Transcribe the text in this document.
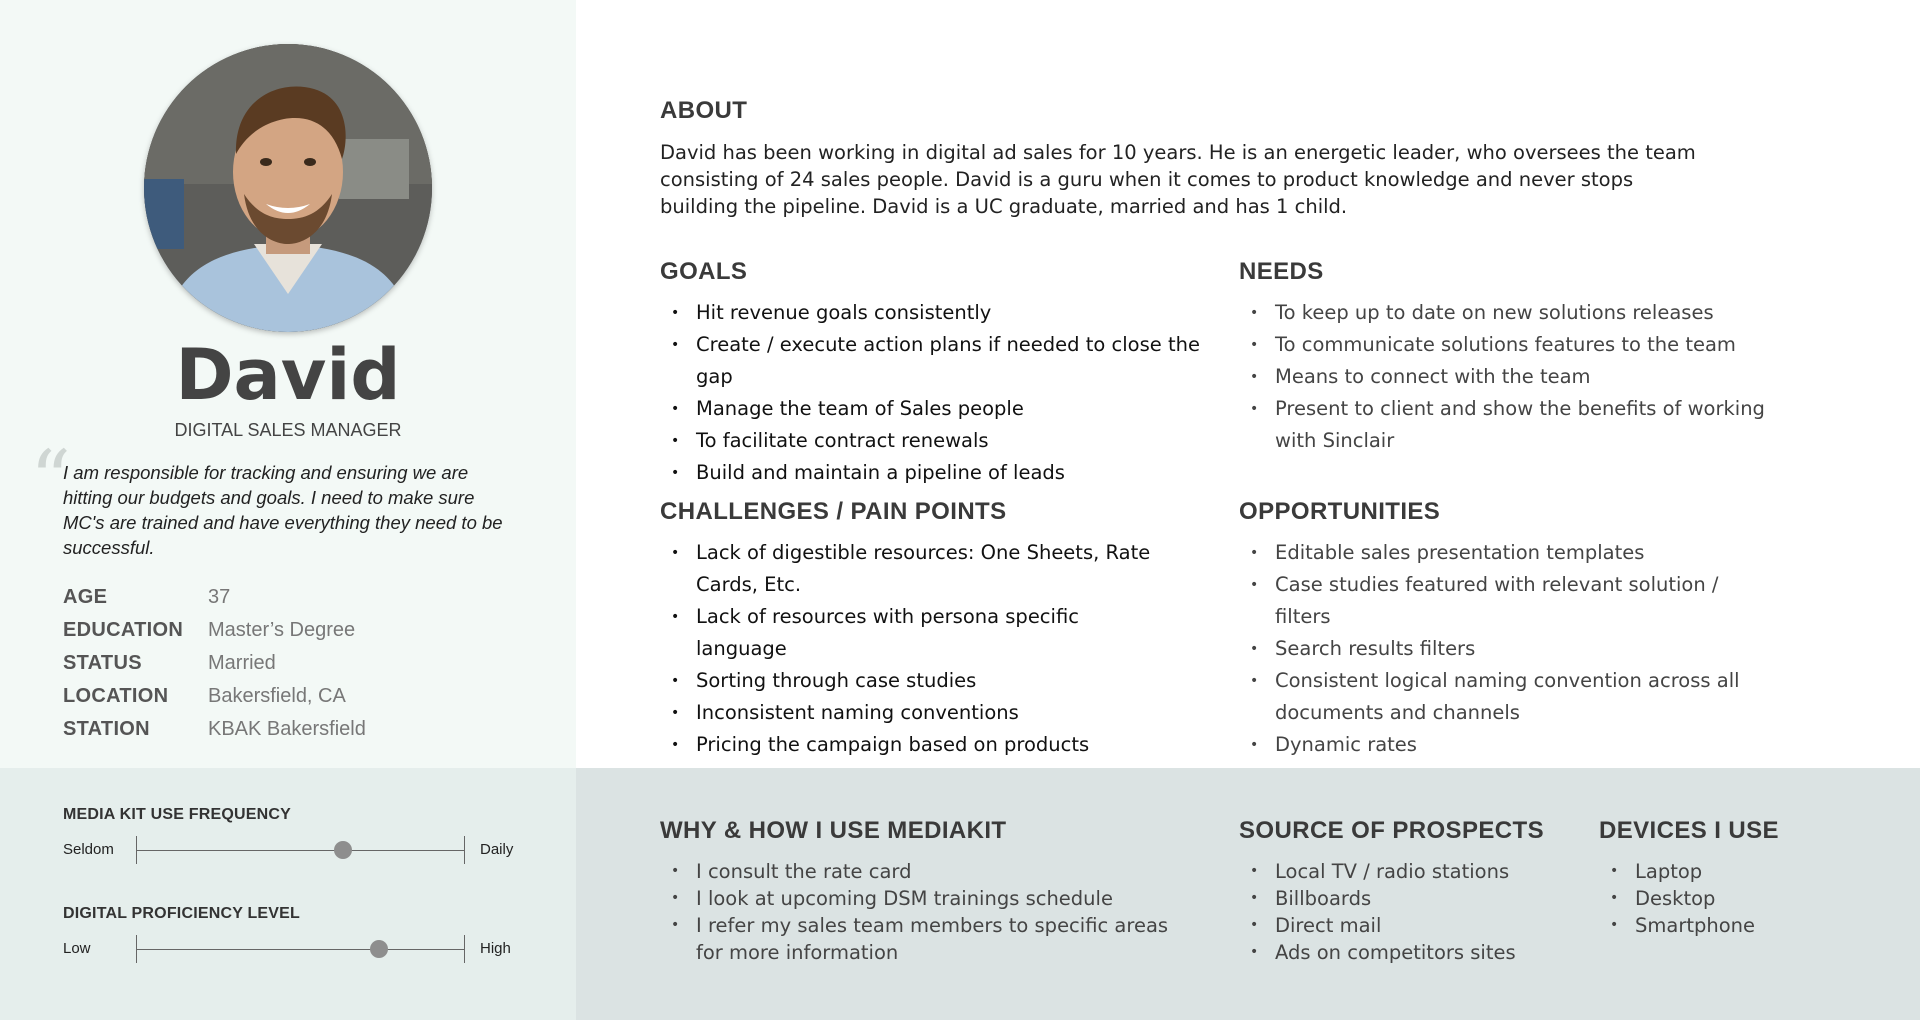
David
DIGITAL SALES MANAGER
“
I am responsible for tracking and ensuring we are hitting our budgets and goals. I need to make sure MC's are trained and have everything they need to be successful.
AGE	37
EDUCATION	Master’s Degree
STATUS	Married
LOCATION	Bakersfield, CA
STATION	KBAK Bakersfield
MEDIA KIT USE FREQUENCY
Seldom	Daily
DIGITAL PROFICIENCY LEVEL
Low	High
ABOUT
David has been working in digital ad sales for 10 years. He is an energetic leader, who oversees the team consisting of 24 sales people. David is a guru when it comes to product knowledge and never stops building the pipeline. David is a UC graduate, married and has 1 child.
GOALS
• Hit revenue goals consistently
• Create / execute action plans if needed to close the gap
• Manage the team of Sales people
• To facilitate contract renewals
• Build and maintain a pipeline of leads
NEEDS
• To keep up to date on new solutions releases
• To communicate solutions features to the team
• Means to connect with the team
• Present to client and show the benefits of working with Sinclair
CHALLENGES / PAIN POINTS
• Lack of digestible resources: One Sheets, Rate Cards, Etc.
• Lack of resources with persona specific language
• Sorting through case studies
• Inconsistent naming conventions
• Pricing the campaign based on products
OPPORTUNITIES
• Editable sales presentation templates
• Case studies featured with relevant solution / filters
• Search results filters
• Consistent logical naming convention across all documents and channels
• Dynamic rates
WHY & HOW I USE MEDIAKIT
• I consult the rate card
• I look at upcoming DSM trainings schedule
• I refer my sales team members to specific areas for more information
SOURCE OF PROSPECTS
• Local TV / radio stations
• Billboards
• Direct mail
• Ads on competitors sites
DEVICES I USE
• Laptop
• Desktop
• Smartphone
